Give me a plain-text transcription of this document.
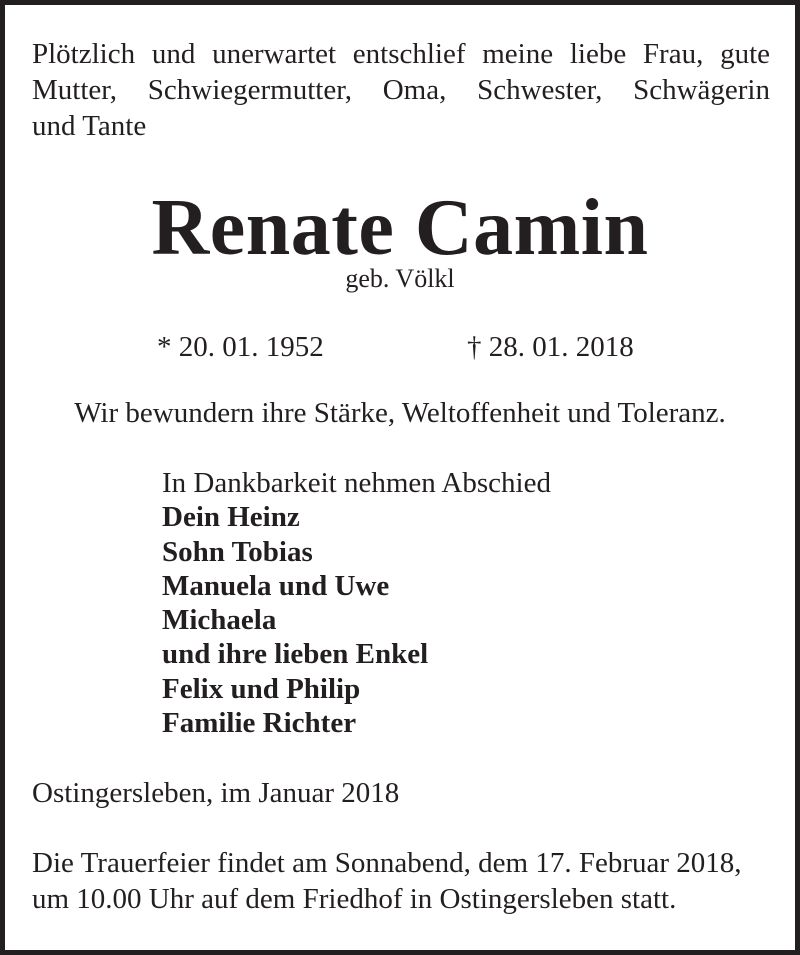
Plötzlich und unerwartet entschlief meine liebe Frau, gute
Mutter, Schwiegermutter, Oma, Schwester, Schwägerin
und Tante
Renate Camin
geb. Völkl
* 20. 01. 1952	† 28. 01. 2018
Wir bewundern ihre Stärke, Weltoffenheit und Toleranz.
In Dankbarkeit nehmen Abschied
Dein Heinz
Sohn Tobias
Manuela und Uwe
Michaela
und ihre lieben Enkel
Felix und Philip
Familie Richter
Ostingersleben, im Januar 2018
Die Trauerfeier findet am Sonnabend, dem 17. Februar 2018,
um 10.00 Uhr auf dem Friedhof in Ostingersleben statt.
